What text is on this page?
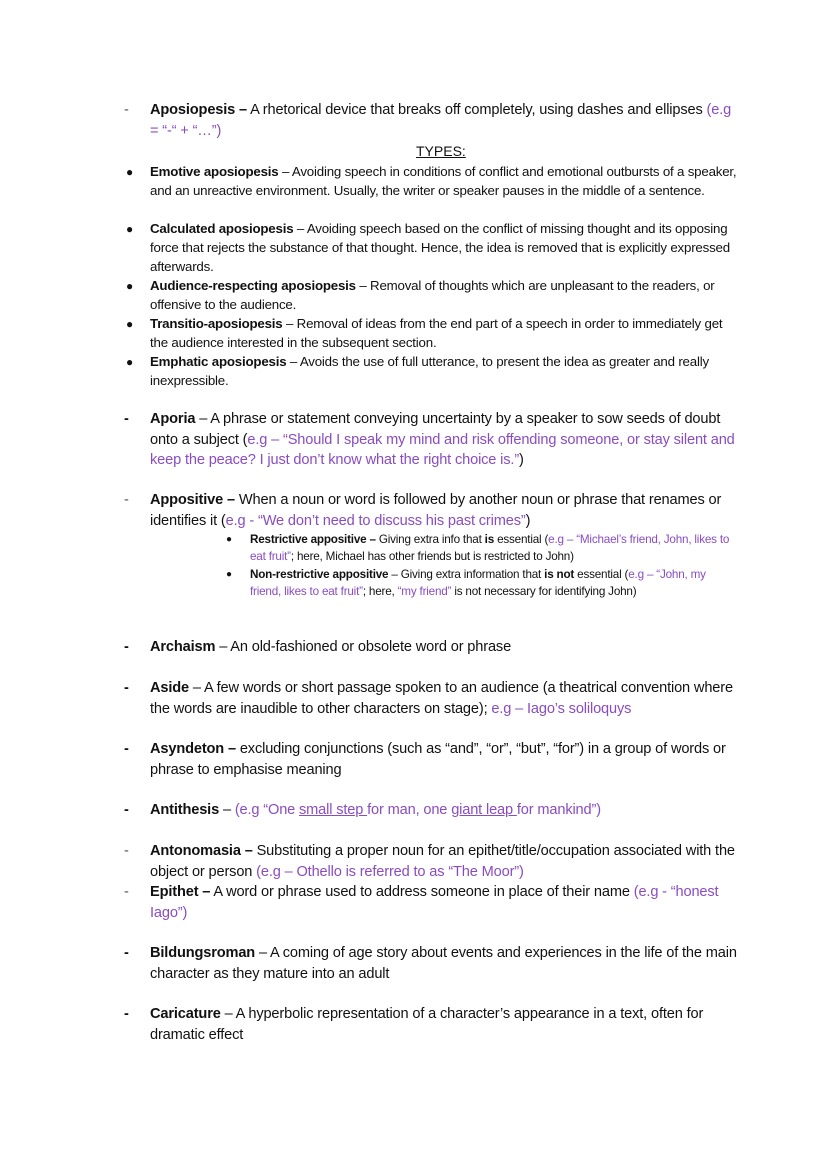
- Aposiopesis – A rhetorical device that breaks off completely, using dashes and ellipses (e.g = “-“ + “…”)
TYPES:
● Emotive aposiopesis – Avoiding speech in conditions of conflict and emotional outbursts of a speaker, and an unreactive environment. Usually, the writer or speaker pauses in the middle of a sentence.
● Calculated aposiopesis – Avoiding speech based on the conflict of missing thought and its opposing force that rejects the substance of that thought. Hence, the idea is removed that is explicitly expressed afterwards.
● Audience-respecting aposiopesis – Removal of thoughts which are unpleasant to the readers, or offensive to the audience.
● Transitio-aposiopesis – Removal of ideas from the end part of a speech in order to immediately get the audience interested in the subsequent section.
● Emphatic aposiopesis – Avoids the use of full utterance, to present the idea as greater and really inexpressible.
- Aporia – A phrase or statement conveying uncertainty by a speaker to sow seeds of doubt onto a subject (e.g – “Should I speak my mind and risk offending someone, or stay silent and keep the peace? I just don’t know what the right choice is.”)
- Appositive – When a noun or word is followed by another noun or phrase that renames or identifies it (e.g - “We don’t need to discuss his past crimes”)
● Restrictive appositive – Giving extra info that is essential (e.g – “Michael’s friend, John, likes to eat fruit”; here, Michael has other friends but is restricted to John)
● Non-restrictive appositive – Giving extra information that is not essential (e.g – “John, my friend, likes to eat fruit”; here, “my friend” is not necessary for identifying John)
- Archaism – An old-fashioned or obsolete word or phrase
- Aside – A few words or short passage spoken to an audience (a theatrical convention where the words are inaudible to other characters on stage); e.g – Iago’s soliloquys
- Asyndeton – excluding conjunctions (such as “and”, “or”, “but”, “for”) in a group of words or phrase to emphasise meaning
- Antithesis – (e.g “One small step for man, one giant leap for mankind”)
- Antonomasia – Substituting a proper noun for an epithet/title/occupation associated with the object or person (e.g – Othello is referred to as “The Moor”)
- Epithet – A word or phrase used to address someone in place of their name (e.g - “honest Iago”)
- Bildungsroman – A coming of age story about events and experiences in the life of the main character as they mature into an adult
- Caricature – A hyperbolic representation of a character’s appearance in a text, often for dramatic effect
